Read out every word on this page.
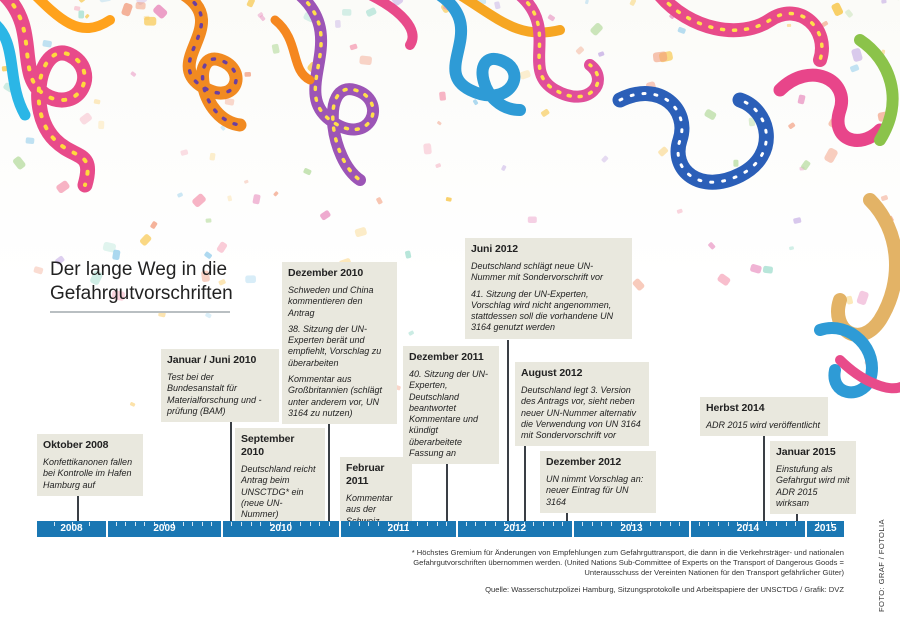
Der lange Weg in die
Gefahrgutvorschriften
Oktober 2008
Konfettikanonen fallen bei Kontrolle im Hafen Hamburg auf
Januar / Juni 2010
Test bei der Bundesanstalt für Materialforschung und -prüfung (BAM)
September 2010
Deutschland reicht Antrag beim UNSCTDG* ein (neue UN-Nummer)
Dezember 2010
Schweden und China kommentieren den Antrag
38. Sitzung der UN-Experten berät und empfiehlt, Vorschlag zu überarbeiten
Kommentar aus Großbritannien (schlägt unter anderem vor, UN 3164 zu nutzen)
Februar 2011
Kommentar aus der
Dezember 2011
40. Sitzung der UN-Experten, Deutschland beantwortet Kommentare und kündigt überarbeitete Fassung an
Juni 2012
Deutschland schlägt neue UN-Nummer mit Sondervorschrift vor
41. Sitzung der UN-Experten, Vorschlag wird nicht angenommen, stattdessen soll die vorhandene UN 3164 genutzt werden
August 2012
Deutschland legt 3. Version des Antrags vor, sieht neben neuer UN-Nummer alternativ die Verwendung von UN 3164 mit Sondervorschrift vor
Dezember 2012
UN nimmt Vorschlag an: neuer Eintrag für UN 3164
Herbst 2014
ADR 2015 wird veröffentlicht
Januar 2015
Einstufung als Gefahrgut wird mit ADR 2015 wirksam
2008	2009	2010	2011	2012	2013	2014	2015

* Höchstes Gremium für Änderungen von Empfehlungen zum Gefahrguttransport, die dann in die Verkehrsträger- und nationalen
Gefahrgutvorschriften übernommen werden. (United Nations Sub-Committee of Experts on the Transport of Dangerous Goods =
Unterausschuss der Vereinten Nationen für den Transport gefährlicher Güter)

Quelle: Wasserschutzpolizei Hamburg, Sitzungsprotokolle und Arbeitspapiere der UNSCTDG / Grafik: DVZ	FOTO: GRAF / FOTOLIA
